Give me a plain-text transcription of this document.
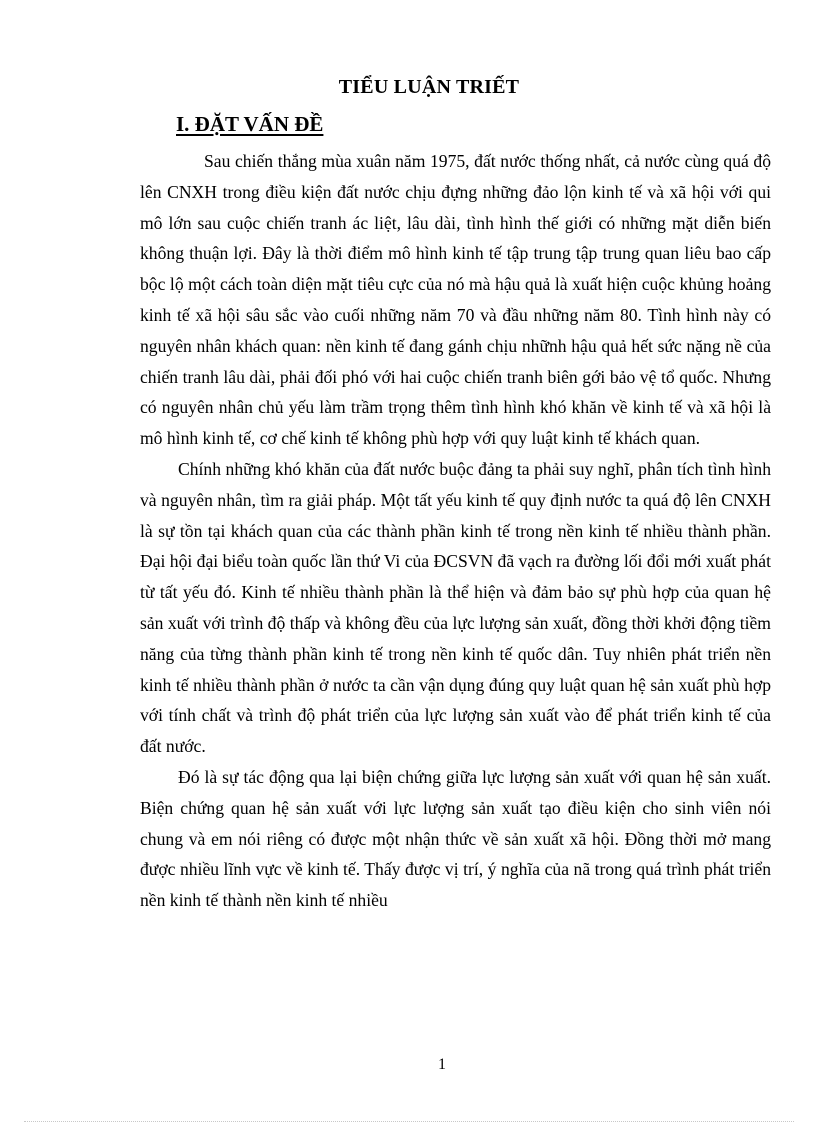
TIỂU LUẬN TRIẾT
I. ĐẶT VẤN ĐỀ

Sau chiến thắng mùa xuân năm 1975, đất nước thống nhất, cả nước cùng quá độ lên CNXH trong điều kiện đất nước chịu đựng những đảo lộn kinh tế và xã hội với qui mô lớn sau cuộc chiến tranh ác liệt, lâu dài, tình hình thế giới có những mặt diễn biến không thuận lợi. Đây là thời điểm mô hình kinh tế tập trung tập trung quan liêu bao cấp bộc lộ một cách toàn diện mặt tiêu cực của nó mà hậu quả là xuất hiện cuộc khủng hoảng kinh tế xã hội sâu sắc vào cuối những năm 70 và đầu những năm 80. Tình hình này có nguyên nhân khách quan: nền kinh tế đang gánh chịu nhữnh hậu quả hết sức nặng nề của chiến tranh lâu dài, phải đối phó với hai cuộc chiến tranh biên gới bảo vệ tổ quốc. Nhưng có nguyên nhân chủ yếu làm trầm trọng thêm tình hình khó khăn về kinh tế và xã hội là mô hình kinh tế, cơ chế kinh tế không phù hợp với quy luật kinh tế khách quan.

Chính những khó khăn của đất nước buộc đảng ta phải suy nghĩ, phân tích tình hình và nguyên nhân, tìm ra giải pháp. Một tất yếu kinh tế quy định nước ta quá độ lên CNXH là sự tồn tại khách quan của các thành phần kinh tế trong nền kinh tế nhiều thành phần. Đại hội đại biểu toàn quốc lần thứ Vi của ĐCSVN đã vạch ra đường lối đổi mới xuất phát từ tất yếu đó. Kinh tế nhiều thành phần là thể hiện và đảm bảo sự phù hợp của quan hệ sản xuất với trình độ thấp và không đều của lực lượng sản xuất, đồng thời khởi động tiềm năng của từng thành phần kinh tế trong nền kinh tế quốc dân. Tuy nhiên phát triển nền kinh tế nhiều thành phần ở nước ta cần vận dụng đúng quy luật quan hệ sản xuất phù hợp với tính chất và trình độ phát triển của lực lượng sản xuất vào để phát triển kinh tế của đất nước.

Đó là sự tác động qua lại biện chứng giữa lực lượng sản xuất với quan hệ sản xuất. Biện chứng quan hệ sản xuất với lực lượng sản xuất tạo điều kiện cho sinh viên nói chung và em nói riêng có được một nhận thức về sản xuất xã hội. Đồng thời mở mang được nhiều lĩnh vực về kinh tế. Thấy được vị trí, ý nghĩa của nã trong quá trình phát triển nền kinh tế thành nền kinh tế nhiều

1
